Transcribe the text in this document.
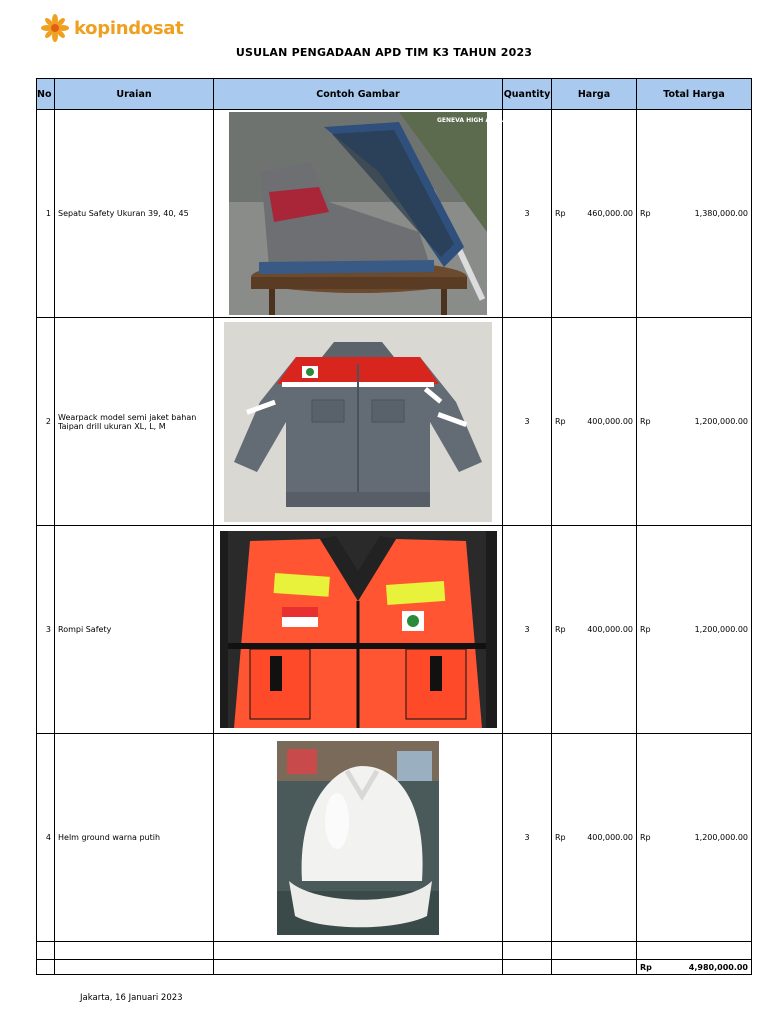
kopindosat
USULAN PENGADAAN APD TIM K3 TAHUN 2023
No	Uraian	Contoh Gambar	Quantity	Harga	Total Harga
1	Sepatu Safety Ukuran 39, 40, 45	GENEVA HIGH ABU-ABU	3	Rp 460,000.00	Rp 1,380,000.00

2	Wearpack model semi jaket bahan Taipan drill ukuran XL, L, M		3	Rp 400,000.00	Rp 1,200,000.00

3	Rompi Safety		3	Rp 400,000.00	Rp 1,200,000.00

4	Helm ground warna putih		3	Rp 400,000.00	Rp 1,200,000.00

					Rp 4,980,000.00
Jakarta, 16 Januari 2023
